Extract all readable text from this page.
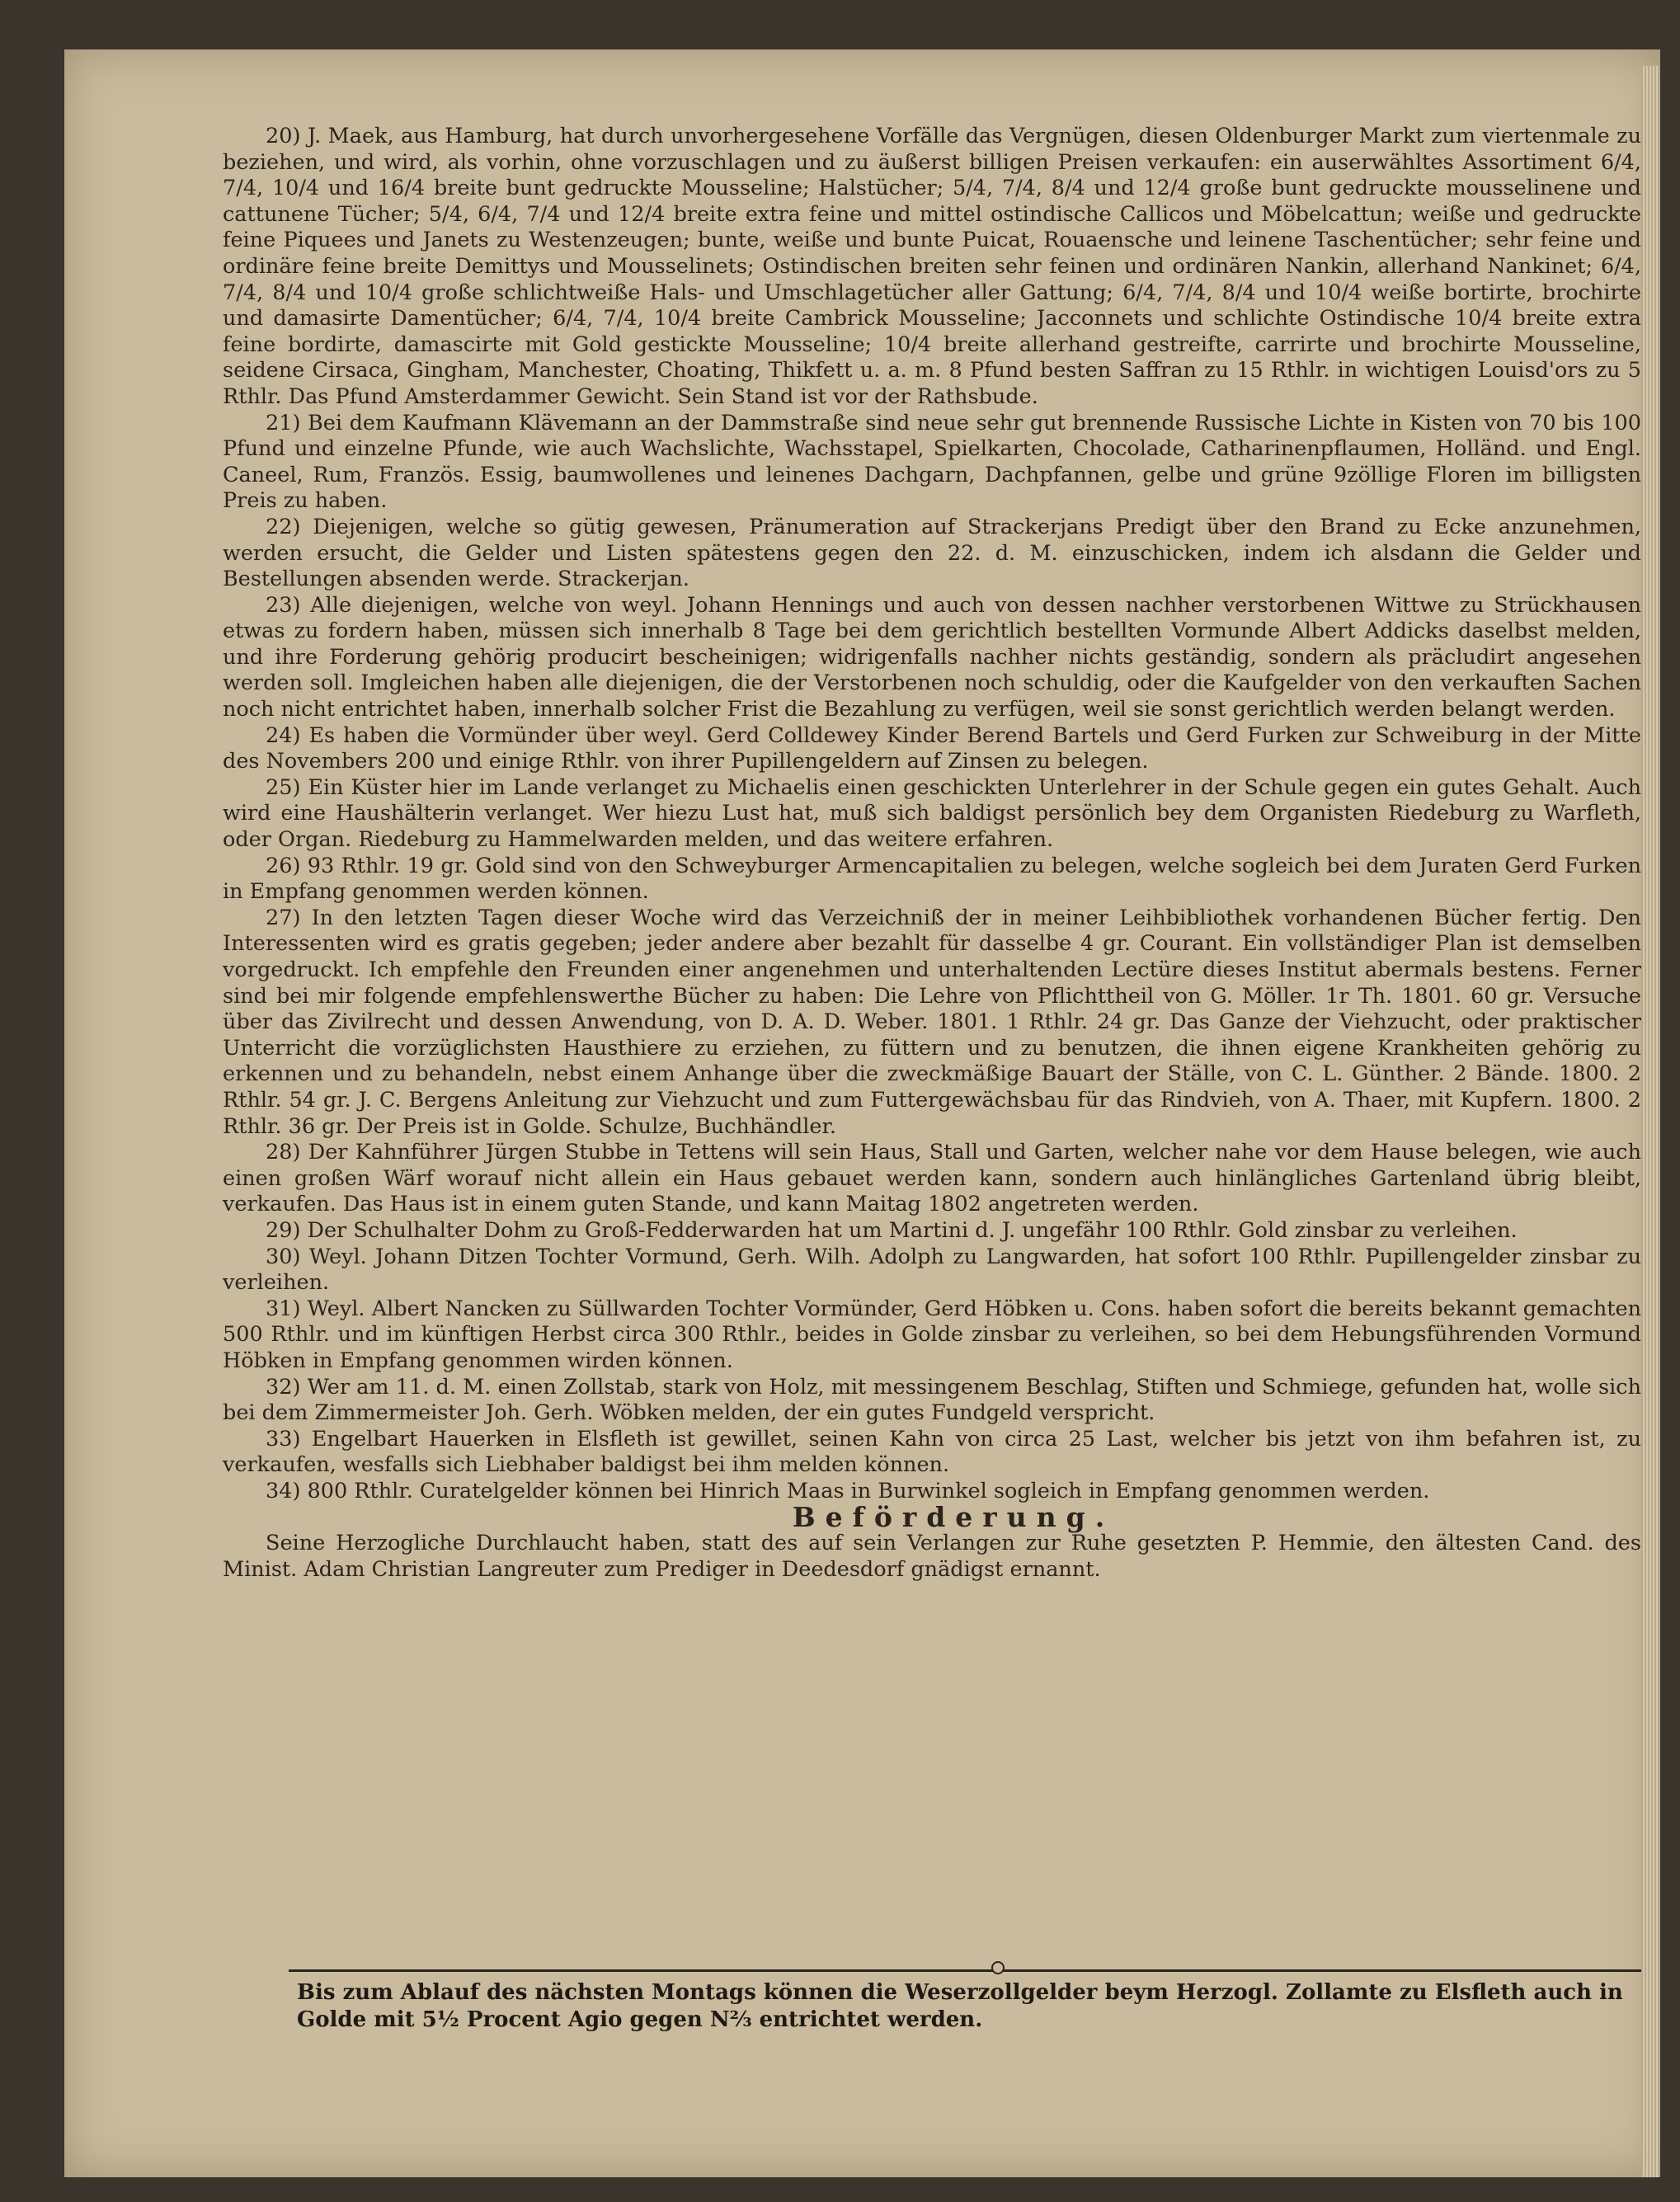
20) J. Maek, aus Hamburg, hat durch unvorhergesehene Vorfälle das Vergnügen, diesen Oldenburger Markt zum viertenmale zu beziehen, und wird, als vorhin, ohne vorzuschlagen und zu äußerst billigen Preisen verkaufen: ein auserwähltes Assortiment 6/4, 7/4, 10/4 und 16/4 breite bunt gedruckte Mousseline; Halstücher; 5/4, 7/4, 8/4 und 12/4 große bunt gedruckte mousselinene und cattunene Tücher; 5/4, 6/4, 7/4 und 12/4 breite extra feine und mittel ostindische Callicos und Möbelcattun; weiße und gedruckte feine Piquees und Janets zu Westenzeugen; bunte, weiße und bunte Puicat, Rouaensche und leinene Taschentücher; sehr feine und ordinäre feine breite Demittys und Mousselinets; Ostindischen breiten sehr feinen und ordinären Nankin, allerhand Nankinet; 6/4, 7/4, 8/4 und 10/4 große schlichtweiße Hals- und Umschlagetücher aller Gattung; 6/4, 7/4, 8/4 und 10/4 weiße bortirte, brochirte und damasirte Damentücher; 6/4, 7/4, 10/4 breite Cambrick Mousseline; Jacconnets und schlichte Ostindische 10/4 breite extra feine bordirte, damascirte mit Gold gestickte Mousseline; 10/4 breite allerhand gestreifte, carrirte und brochirte Mousseline, seidene Cirsaca, Gingham, Manchester, Choating, Thikfett u. a. m. 8 Pfund besten Saffran zu 15 Rthlr. in wichtigen Louisd'ors zu 5 Rthlr. Das Pfund Amsterdammer Gewicht. Sein Stand ist vor der Rathsbude.

21) Bei dem Kaufmann Klävemann an der Dammstraße sind neue sehr gut brennende Russische Lichte in Kisten von 70 bis 100 Pfund und einzelne Pfunde, wie auch Wachslichte, Wachsstapel, Spielkarten, Chocolade, Catharinenpflaumen, Holländ. und Engl. Caneel, Rum, Französ. Essig, baumwollenes und leinenes Dachgarn, Dachpfannen, gelbe und grüne 9zöllige Floren im billigsten Preis zu haben.

22) Diejenigen, welche so gütig gewesen, Pränumeration auf Strackerjans Predigt über den Brand zu Ecke anzunehmen, werden ersucht, die Gelder und Listen spätestens gegen den 22. d. M. einzuschicken, indem ich alsdann die Gelder und Bestellungen absenden werde. Strackerjan.

23) Alle diejenigen, welche von weyl. Johann Hennings und auch von dessen nachher verstorbenen Wittwe zu Strückhausen etwas zu fordern haben, müssen sich innerhalb 8 Tage bei dem gerichtlich bestellten Vormunde Albert Addicks daselbst melden, und ihre Forderung gehörig producirt bescheinigen; widrigenfalls nachher nichts geständig, sondern als präcludirt angesehen werden soll. Imgleichen haben alle diejenigen, die der Verstorbenen noch schuldig, oder die Kaufgelder von den verkauften Sachen noch nicht entrichtet haben, innerhalb solcher Frist die Bezahlung zu verfügen, weil sie sonst gerichtlich werden belangt werden.

24) Es haben die Vormünder über weyl. Gerd Colldewey Kinder Berend Bartels und Gerd Furken zur Schweiburg in der Mitte des Novembers 200 und einige Rthlr. von ihrer Pupillengeldern auf Zinsen zu belegen.

25) Ein Küster hier im Lande verlanget zu Michaelis einen geschickten Unterlehrer in der Schule gegen ein gutes Gehalt. Auch wird eine Haushälterin verlanget. Wer hiezu Lust hat, muß sich baldigst persönlich bey dem Organisten Riedeburg zu Warfleth, oder Organ. Riedeburg zu Hammelwarden melden, und das weitere erfahren.

26) 93 Rthlr. 19 gr. Gold sind von den Schweyburger Armencapitalien zu belegen, welche sogleich bei dem Juraten Gerd Furken in Empfang genommen werden können.

27) In den letzten Tagen dieser Woche wird das Verzeichniß der in meiner Leihbibliothek vorhandenen Bücher fertig. Den Interessenten wird es gratis gegeben; jeder andere aber bezahlt für dasselbe 4 gr. Courant. Ein vollständiger Plan ist demselben vorgedruckt. Ich empfehle den Freunden einer angenehmen und unterhaltenden Lectüre dieses Institut abermals bestens. Ferner sind bei mir folgende empfehlenswerthe Bücher zu haben: Die Lehre von Pflichttheil von G. Möller. 1r Th. 1801. 60 gr. Versuche über das Zivilrecht und dessen Anwendung, von D. A. D. Weber. 1801. 1 Rthlr. 24 gr. Das Ganze der Viehzucht, oder praktischer Unterricht die vorzüglichsten Hausthiere zu erziehen, zu füttern und zu benutzen, die ihnen eigene Krankheiten gehörig zu erkennen und zu behandeln, nebst einem Anhange über die zweckmäßige Bauart der Ställe, von C. L. Günther. 2 Bände. 1800. 2 Rthlr. 54 gr. J. C. Bergens Anleitung zur Viehzucht und zum Futtergewächsbau für das Rindvieh, von A. Thaer, mit Kupfern. 1800. 2 Rthlr. 36 gr. Der Preis ist in Golde. Schulze, Buchhändler.

28) Der Kahnführer Jürgen Stubbe in Tettens will sein Haus, Stall und Garten, welcher nahe vor dem Hause belegen, wie auch einen großen Wärf worauf nicht allein ein Haus gebauet werden kann, sondern auch hinlängliches Gartenland übrig bleibt, verkaufen. Das Haus ist in einem guten Stande, und kann Maitag 1802 angetreten werden.

29) Der Schulhalter Dohm zu Groß-Fedderwarden hat um Martini d. J. ungefähr 100 Rthlr. Gold zinsbar zu verleihen.

30) Weyl. Johann Ditzen Tochter Vormund, Gerh. Wilh. Adolph zu Langwarden, hat sofort 100 Rthlr. Pupillengelder zinsbar zu verleihen.

31) Weyl. Albert Nancken zu Süllwarden Tochter Vormünder, Gerd Höbken u. Cons. haben sofort die bereits bekannt gemachten 500 Rthlr. und im künftigen Herbst circa 300 Rthlr., beides in Golde zinsbar zu verleihen, so bei dem Hebungsführenden Vormund Höbken in Empfang genommen wirden können.

32) Wer am 11. d. M. einen Zollstab, stark von Holz, mit messingenem Beschlag, Stiften und Schmiege, gefunden hat, wolle sich bei dem Zimmermeister Joh. Gerh. Wöbken melden, der ein gutes Fundgeld verspricht.

33) Engelbart Hauerken in Elsfleth ist gewillet, seinen Kahn von circa 25 Last, welcher bis jetzt von ihm befahren ist, zu verkaufen, wesfalls sich Liebhaber baldigst bei ihm melden können.

34) 800 Rthlr. Curatelgelder können bei Hinrich Maas in Burwinkel sogleich in Empfang genommen werden.

Beförderung.

Seine Herzogliche Durchlaucht haben, statt des auf sein Verlangen zur Ruhe gesetzten P. Hemmie, den ältesten Cand. des Minist. Adam Christian Langreuter zum Prediger in Deedesdorf gnädigst ernannt.

Bis zum Ablauf des nächsten Montags können die Weserzollgelder beym Herzogl. Zollamte zu Elsfleth auch in Golde mit 5½ Procent Agio gegen N⅔ entrichtet werden.
